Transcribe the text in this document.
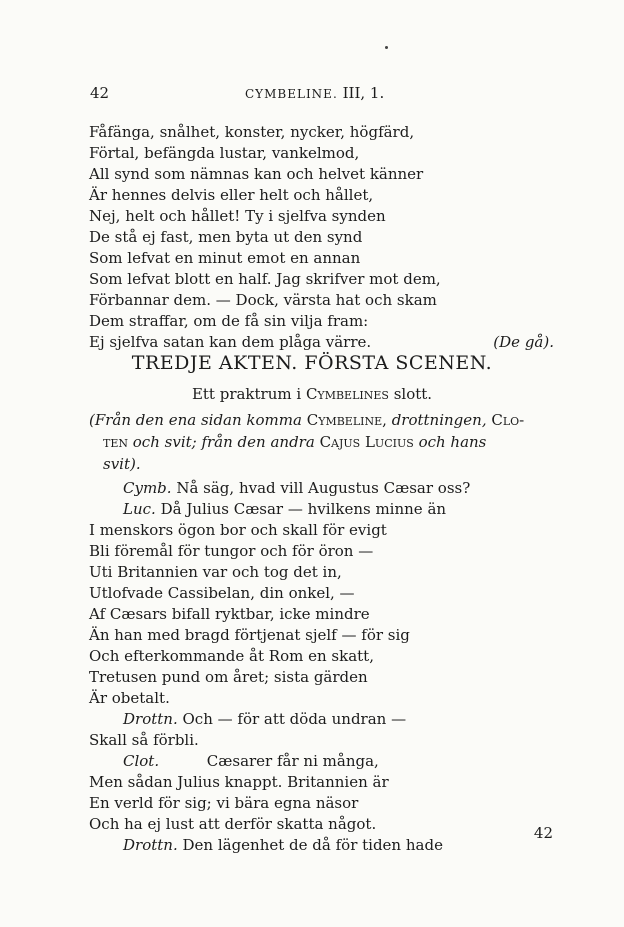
42	CYMBELINE. III, 1.
Fåfänga, snålhet, konster, nycker, högfärd,
Förtal, befängda lustar, vankelmod,
All synd som nämnas kan och helvet känner
Är hennes delvis eller helt och hållet,
Nej, helt och hållet! Ty i sjelfva synden
De stå ej fast, men byta ut den synd
Som lefvat en minut emot en annan
Som lefvat blott en half. Jag skrifver mot dem,
Förbannar dem. — Dock, värsta hat och skam
Dem straffar, om de få sin vilja fram:
Ej sjelfva satan kan dem plåga värre.	(De gå).
TREDJE AKTEN. FÖRSTA SCENEN.
Ett praktrum i Cymbelines slott.
(Från den ena sidan komma Cymbeline, drottningen, Clo-
ten och svit; från den andra Cajus Lucius och hans
svit).
Cymb. Nå säg, hvad vill Augustus Cæsar oss?
Luc. Då Julius Cæsar — hvilkens minne än
I menskors ögon bor och skall för evigt
Bli föremål för tungor och för öron —
Uti Britannien var och tog det in,
Utlofvade Cassibelan, din onkel, —
Af Cæsars bifall ryktbar, icke mindre
Än han med bragd förtjenat sjelf — för sig
Och efterkommande åt Rom en skatt,
Tretusen pund om året; sista gärden
Är obetalt.
Drottn. Och — för att döda undran —
Skall så förbli.
Clot.	Cæsarer får ni många,
Men sådan Julius knappt. Britannien är
En verld för sig; vi bära egna näsor
Och ha ej lust att derför skatta något.
Drottn. Den lägenhet de då för tiden hade
42
